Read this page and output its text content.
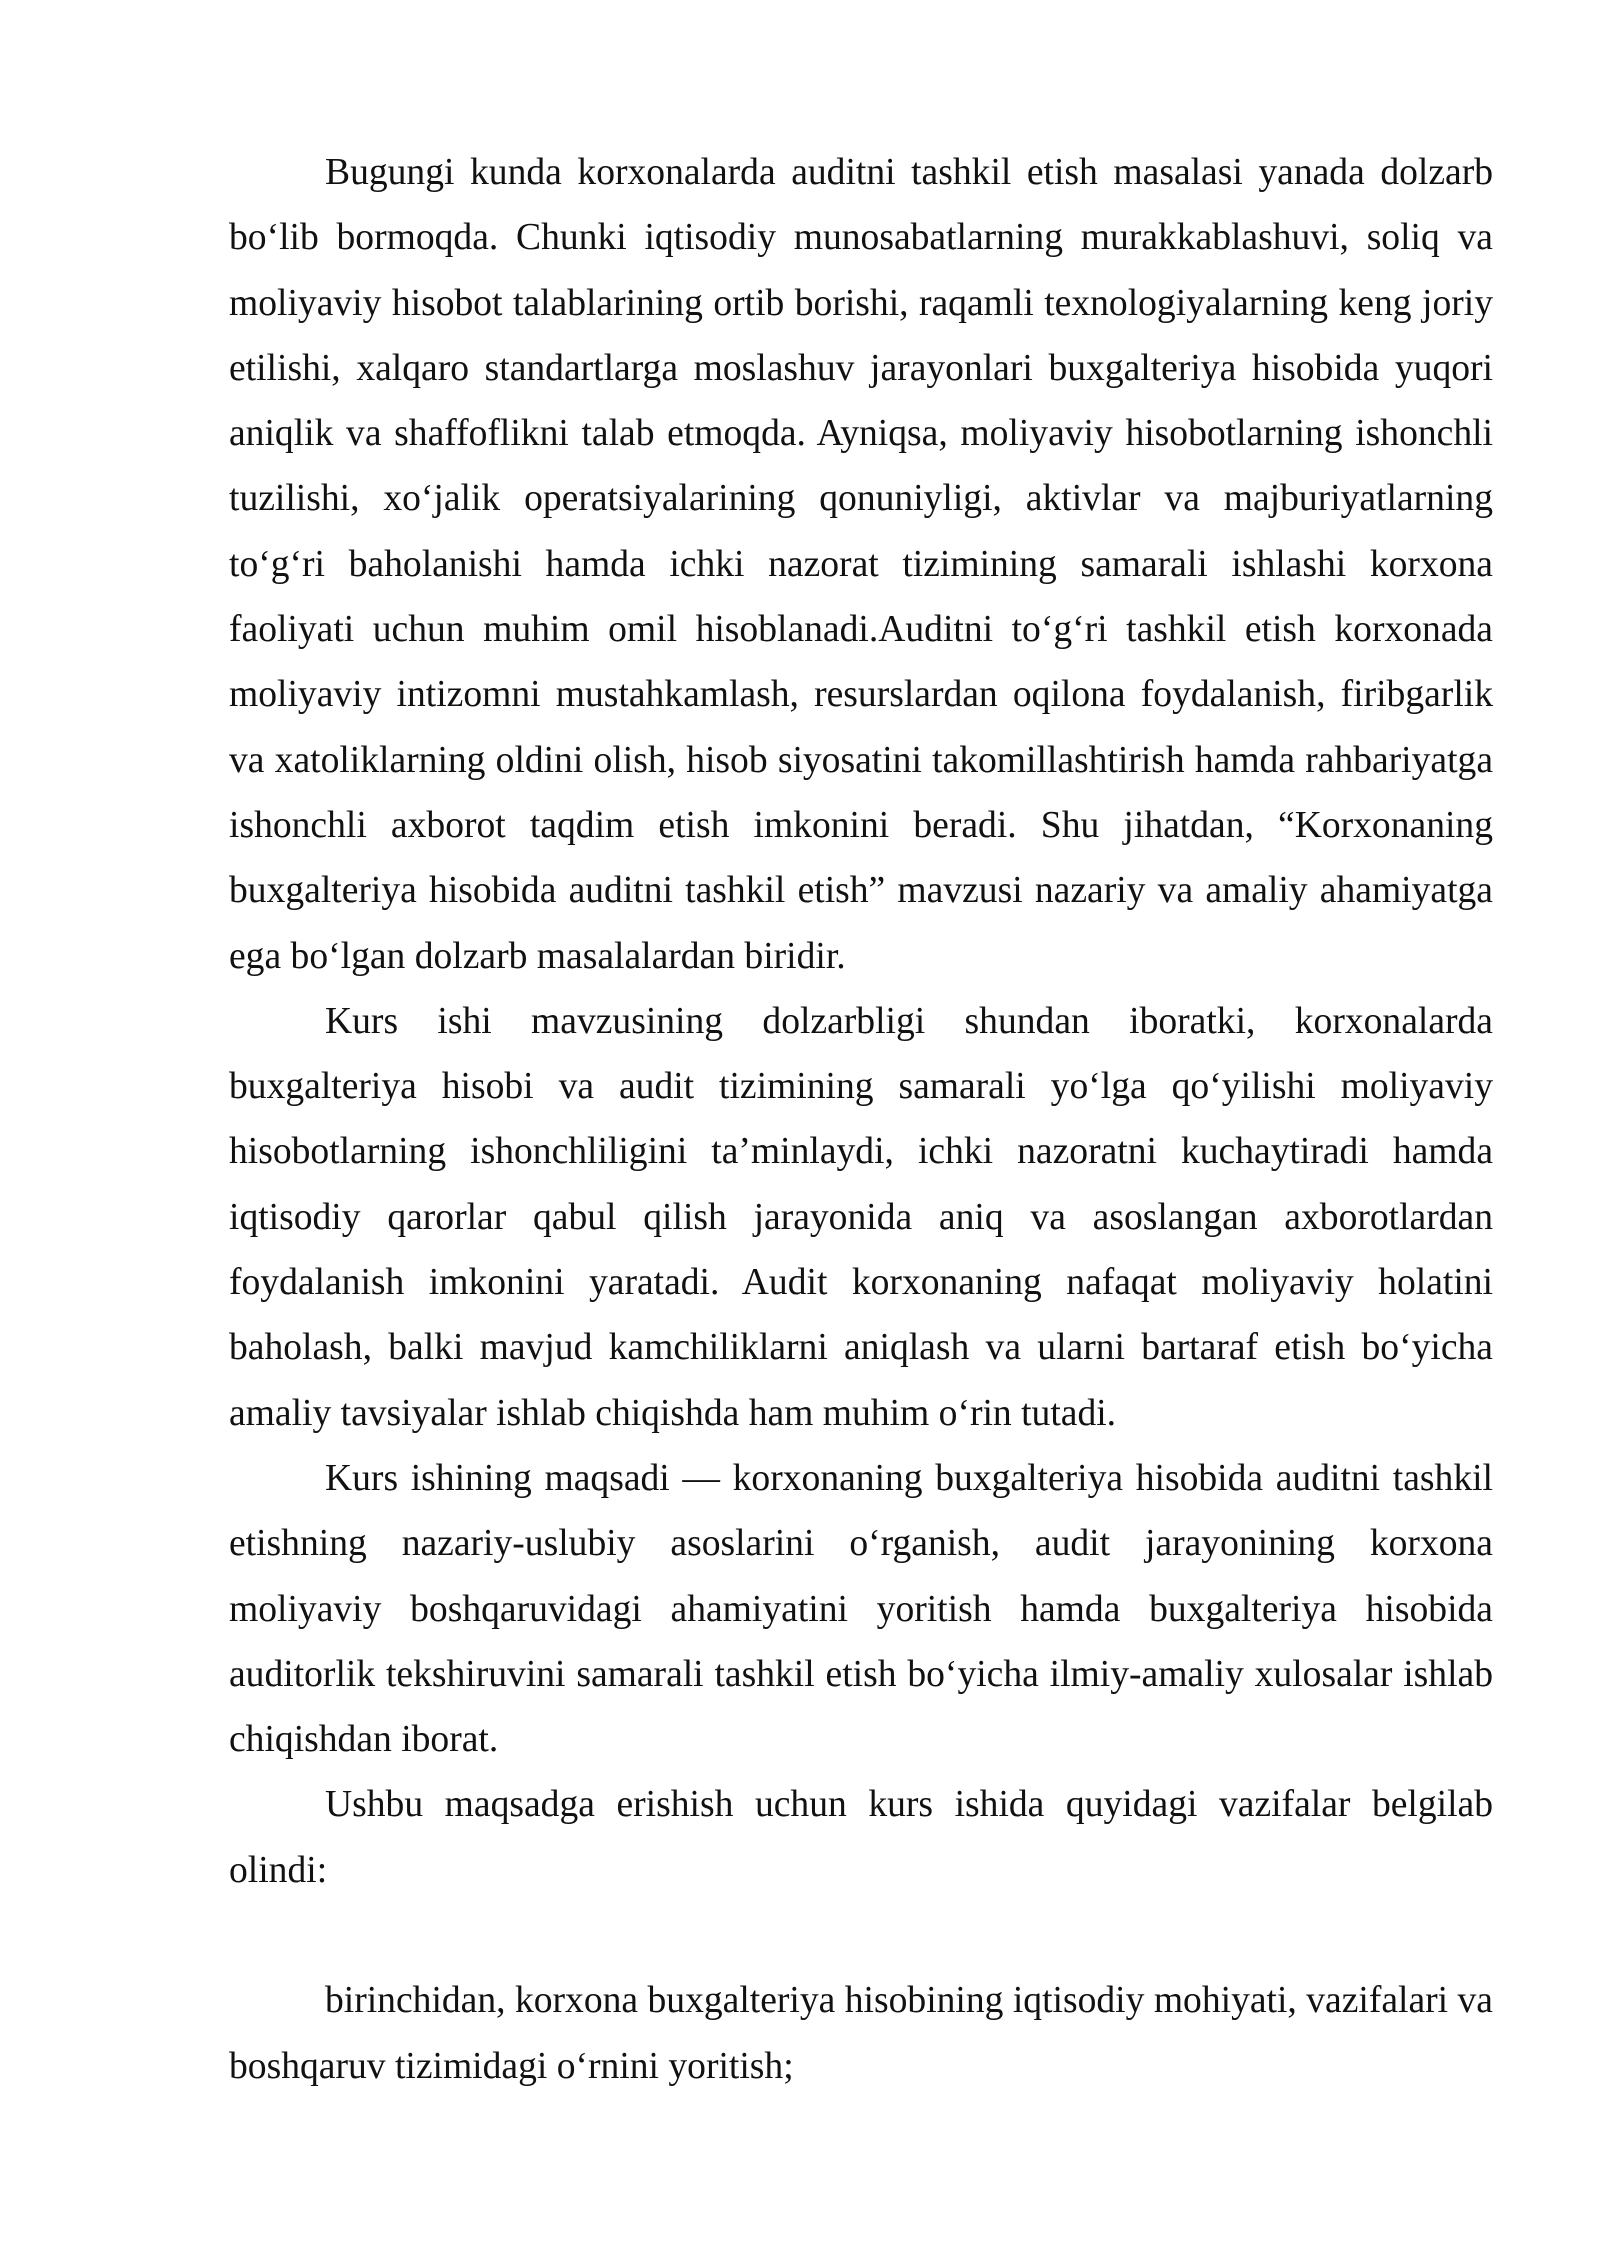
Bugungi kunda korxonalarda auditni tashkil etish masalasi yanada dolzarb bo‘lib bormoqda. Chunki iqtisodiy munosabatlarning murakkablashuvi, soliq va moliyaviy hisobot talablarining ortib borishi, raqamli texnologiyalarning keng joriy etilishi, xalqaro standartlarga moslashuv jarayonlari buxgalteriya hisobida yuqori aniqlik va shaffoflikni talab etmoqda. Ayniqsa, moliyaviy hisobotlarning ishonchli tuzilishi, xo‘jalik operatsiyalarining qonuniyligi, aktivlar va majburiyatlarning to‘g‘ri baholanishi hamda ichki nazorat tizimining samarali ishlashi korxona faoliyati uchun muhim omil hisoblanadi.Auditni to‘g‘ri tashkil etish korxonada moliyaviy intizomni mustahkamlash, resurslardan oqilona foydalanish, firibgarlik va xatoliklarning oldini olish, hisob siyosatini takomillashtirish hamda rahbariyatga ishonchli axborot taqdim etish imkonini beradi. Shu jihatdan, “Korxonaning buxgalteriya hisobida auditni tashkil etish” mavzusi nazariy va amaliy ahamiyatga ega bo‘lgan dolzarb masalalardan biridir.

Kurs ishi mavzusining dolzarbligi shundan iboratki, korxonalarda buxgalteriya hisobi va audit tizimining samarali yo‘lga qo‘yilishi moliyaviy hisobotlarning ishonchliligini ta’minlaydi, ichki nazoratni kuchaytiradi hamda iqtisodiy qarorlar qabul qilish jarayonida aniq va asoslangan axborotlardan foydalanish imkonini yaratadi. Audit korxonaning nafaqat moliyaviy holatini baholash, balki mavjud kamchiliklarni aniqlash va ularni bartaraf etish bo‘yicha amaliy tavsiyalar ishlab chiqishda ham muhim o‘rin tutadi.

Kurs ishining maqsadi — korxonaning buxgalteriya hisobida auditni tashkil etishning nazariy-uslubiy asoslarini o‘rganish, audit jarayonining korxona moliyaviy boshqaruvidagi ahamiyatini yoritish hamda buxgalteriya hisobida auditorlik tekshiruvini samarali tashkil etish bo‘yicha ilmiy-amaliy xulosalar ishlab chiqishdan iborat.

Ushbu maqsadga erishish uchun kurs ishida quyidagi vazifalar belgilab olindi:

birinchidan, korxona buxgalteriya hisobining iqtisodiy mohiyati, vazifalari va boshqaruv tizimidagi o‘rnini yoritish;
